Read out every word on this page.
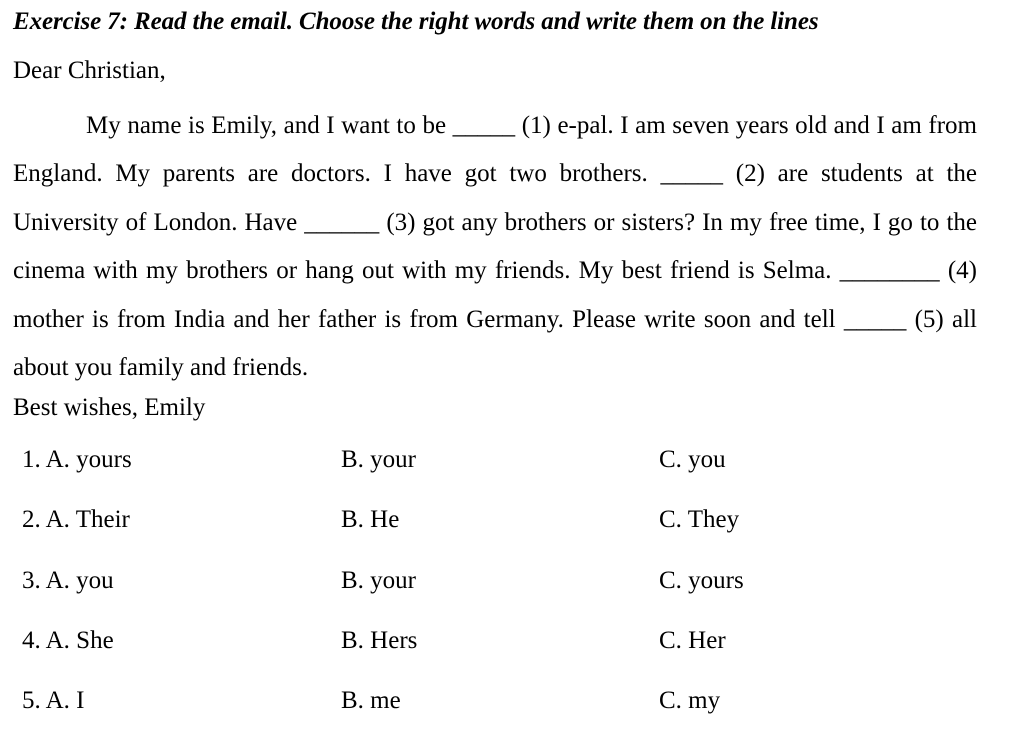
Exercise 7: Read the email. Choose the right words and write them on the lines
Dear Christian,

My name is Emily, and I want to be _____ (1) e-pal. I am seven years old and I am from England. My parents are doctors. I have got two brothers. _____ (2) are students at the University of London. Have ______ (3) got any brothers or sisters? In my free time, I go to the cinema with my brothers or hang out with my friends. My best friend is Selma. ________ (4) mother is from India and her father is from Germany. Please write soon and tell _____ (5) all about you family and friends.

Best wishes, Emily
1. A. yours	B. your	C. you
2. A. Their	B. He	C. They
3. A. you	B. your	C. yours
4. A. She	B. Hers	C. Her
5. A. I	B. me	C. my
